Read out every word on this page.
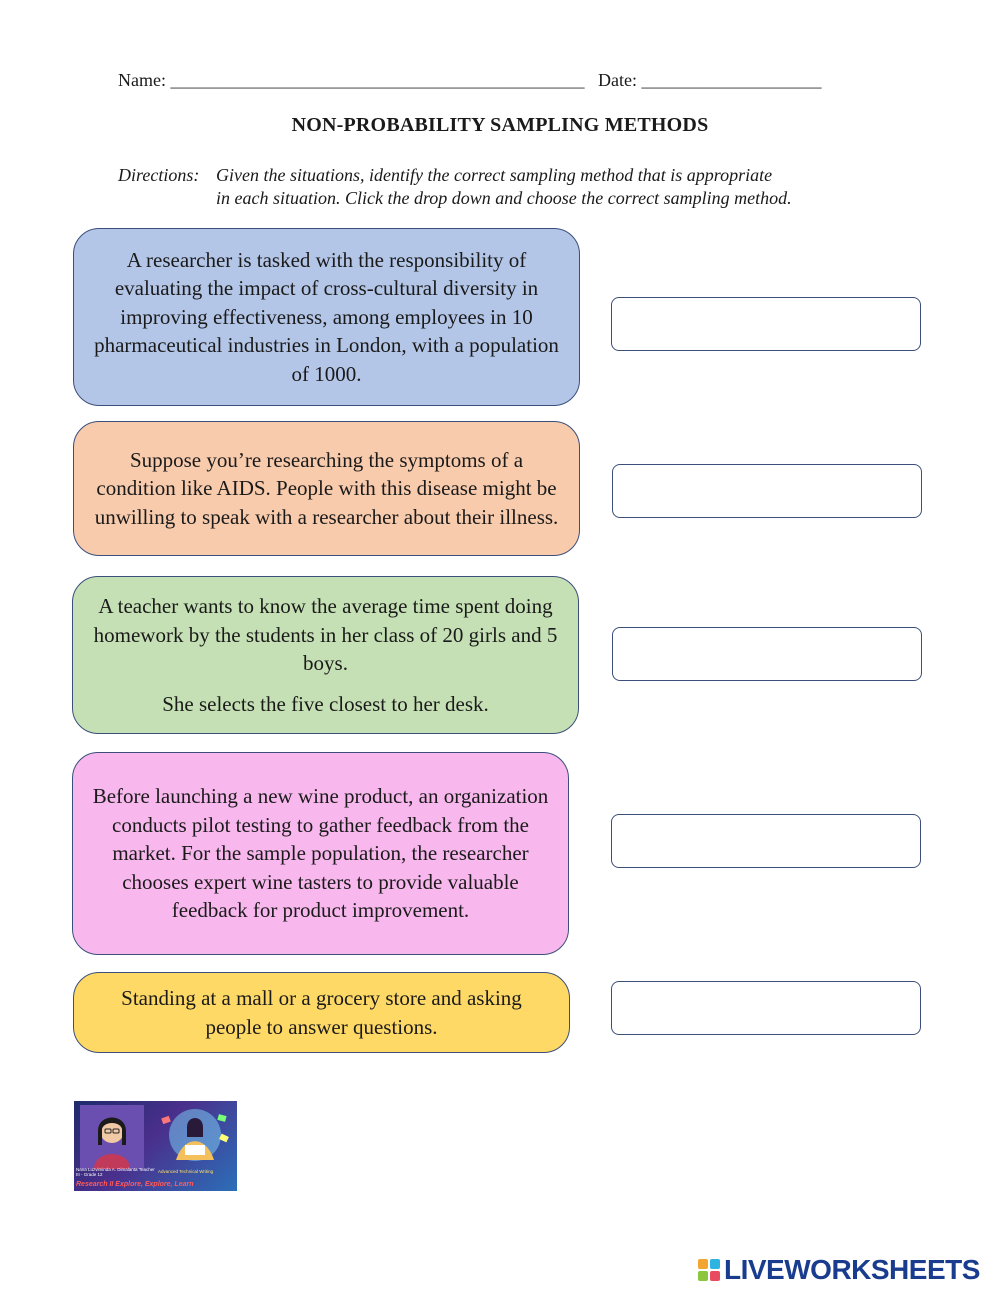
Name: ______________________________________________ Date: ____________________
NON-PROBABILITY SAMPLING METHODS
Directions: Given the situations, identify the correct sampling method that is appropriate
in each situation. Click the drop down and choose the correct sampling method.

A researcher is tasked with the responsibility of evaluating the impact of cross-cultural diversity in improving effectiveness, among employees in 10 pharmaceutical industries in London, with a population of 1000.

Suppose you’re researching the symptoms of a condition like AIDS. People with this disease might be unwilling to speak with a researcher about their illness.

A teacher wants to know the average time spent doing homework by the students in her class of 20 girls and 5 boys.

She selects the five closest to her desk.

Before launching a new wine product, an organization conducts pilot testing to gather feedback from the market. For the sample population, the researcher chooses expert wine tasters to provide valuable feedback for product improvement.

Standing at a mall or a grocery store and asking people to answer questions.

Nana Luzviminda A. Dimalanta Teacher III - Grade 12
Advanced Technical Writing
Research II Explore, Explore, Learn
LIVEWORKSHEETS
